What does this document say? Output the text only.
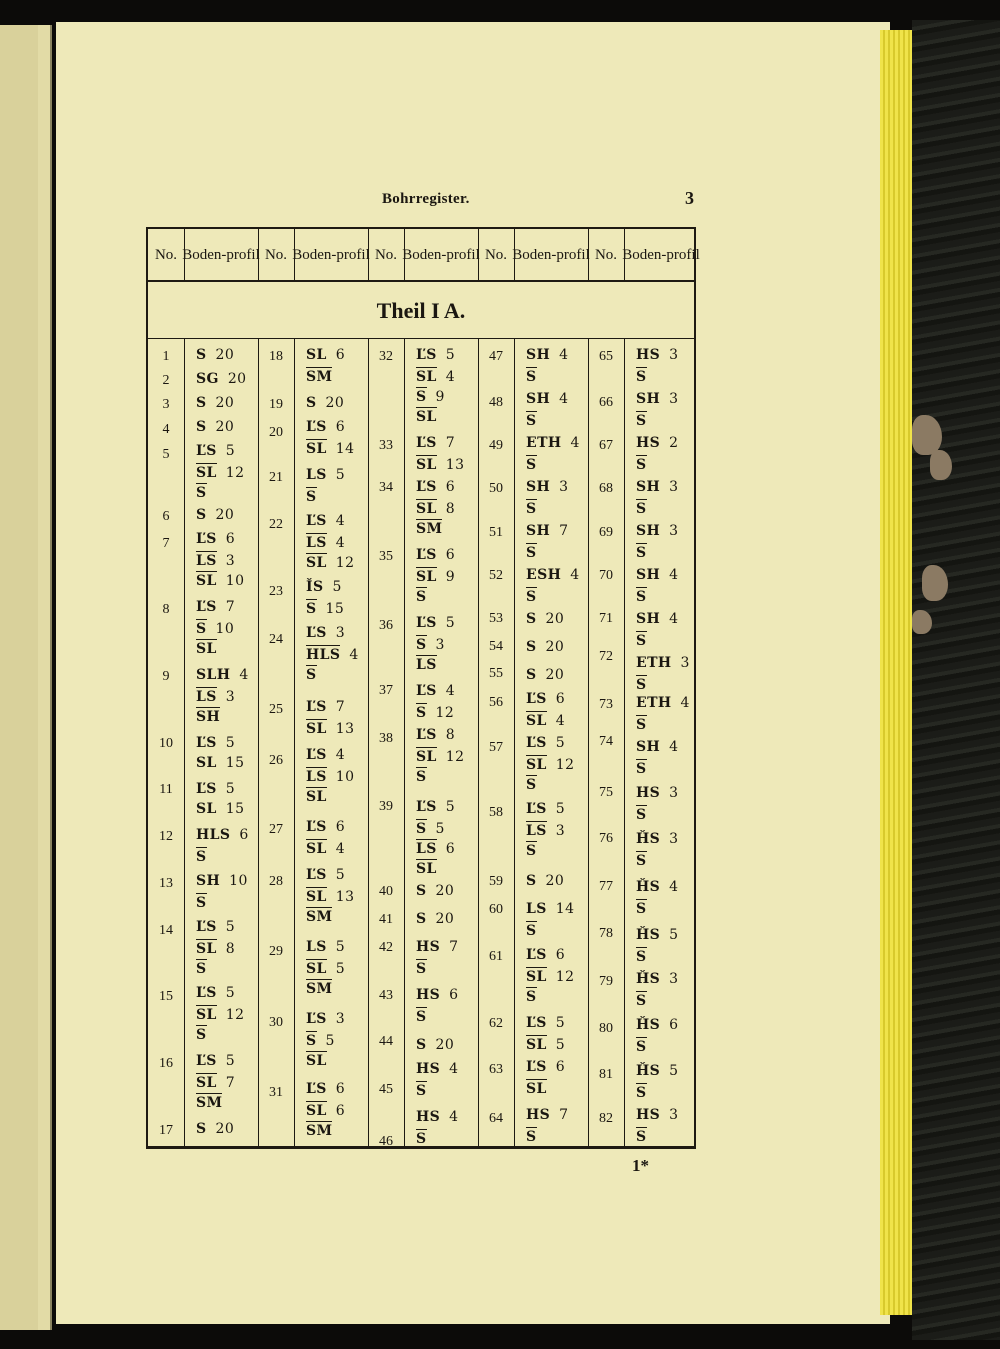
Bohrregister.	3
No. Boden- profil No. Boden- profil No. Boden- profil No. Boden- profil No. Boden- profil
Theil I A.
1
2
3
4
5
6
7
8
9
10
11
12
13
14
15
16
17
S 20
SG 20
S 20
S 20
ĽS 5
SL 12
S
S 20
ĽS 6
LS 3
SL 10
ĽS 7
S 10
SL
SLH 4
LS 3
SH
ĽS 5
SL 15
ĽS 5
SL 15
HLS 6
S
SH 10
S
ĽS 5
SL 8
S
ĽS 5
SL 12
S
ĽS 5
SL 7
SM
S 20
18
19
20
21
22
23
24
25
26
27
28
29
30
31
SL 6
SM
S 20
ĽS 6
SL 14
LS 5
S
ĽS 4
LS 4
SL 12
ǏS 5
S 15
ĽS 3
HLS 4
S
ĽS 7
SL 13
ĽS 4
LS 10
SL
ĽS 6
SL 4
ĽS 5
SL 13
SM
LS 5
SL 5
SM
ĽS 3
S 5
SL
ĽS 6
SL 6
SM
32
33
34
35
36
37
38
39
40
41
42
43
44
45
46
ĽS 5
SL 4
S 9
SL
ĽS 7
SL 13
ĽS 6
SL 8
SM
ĽS 6
SL 9
S
ĽS 5
S 3
LS
ĽS 4
S 12
ĽS 8
SL 12
S
ĽS 5
S 5
LS 6
SL
S 20
S 20
HS 7
S
HS 6
S
S 20
HS 4
S
HS 4
S
47
48
49
50
51
52
53
54
55
56
57
58
59
60
61
62
63
64
SH 4
S
SH 4
S
ETH 4
S
SH 3
S
SH 7
S
ESH 4
S
S 20
S 20
S 20
ĽS 6
SL 4
ĽS 5
SL 12
S
ĽS 5
LS 3
S
S 20
LS 14
S
ĽS 6
SL 12
S
ĽS 5
SL 5
ĽS 6
SL
HS 7
S
65
66
67
68
69
70
71
72
73
74
75
76
77
78
79
80
81
82
HS 3
S
SH 3
S
HS 2
S
SH 3
S
SH 3
S
SH 4
S
SH 4
S
ETH 3
S
ETH 4
S
SH 4
S
HS 3
S
ȞS 3
S
ȞS 4
S
ȞS 5
S
ȞS 3
S
ȞS 6
S
ȞS 5
S
HS 3
S
1*
